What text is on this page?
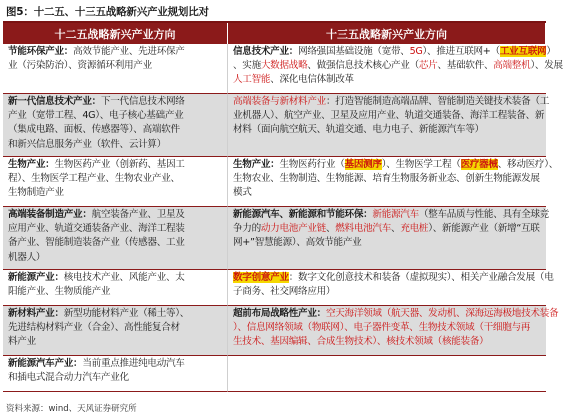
图5：十二五、十三五战略新兴产业规划比对
十二五战略新兴产业方向	十三五战略新兴产业方向
节能环保产业：高效节能产业、先进环保产
业（污染防治）、资源循环利用产业
信息技术产业：网络强国基础设施（宽带、5G）、推进互联网+（工业互联网）
、实施大数据战略、做强信息技术核心产业（芯片、基础软件、高端整机）、发展
人工智能、深化电信体制改革
新一代信息技术产业：下一代信息技术网络
产业（宽带工程、4G）、电子核心基础产业
（集成电路、面板、传感器等）、高端软件
和新兴信息服务产业（软件、云计算）
高端装备与新材料产业：打造智能制造高端品牌、智能制造关键技术装备（工
业机器人）、航空产业、卫星及应用产业、轨道交通装备、海洋工程装备、新
材料（面向航空航天、轨道交通、电力电子、新能源汽车等）
生物产业：生物医药产业（创新药、基因工
程）、生物医学工程产业、生物农业产业、
生物制造产业
生物产业：生物医药行业（基因测序）、生物医学工程（医疗器械、移动医疗）、
生物农业、生物制造、生物能源、培育生物服务新业态、创新生物能源发展
模式
高端装备制造产业：航空装备产业、卫星及
应用产业、轨道交通装备产业、海洋工程装
备产业、智能制造装备产业（传感器、工业
机器人）
新能源汽车、新能源和节能环保：新能源汽车（整车品质与性能、具有全球竞
争力的动力电池产业链、燃料电池汽车、充电桩）、新能源产业（新增“互联
网+”智慧能源）、高效节能产业
新能源产业：核电技术产业、风能产业、太
阳能产业、生物质能产业
数字创意产业：数字文化创意技术和装备（虚拟现实）、相关产业融合发展（电
子商务、社交网络应用）
新材料产业：新型功能材料产业（稀土等）、
先进结构材料产业（合金）、高性能复合材
料产业
超前布局战略性产业：空天海洋领域（航天器、发动机、深海远海极地技术装备
）、信息网络领域（物联网）、电子器件变革、生物技术领域（干细胞与再
生技术、基因编辑、合成生物技术）、核技术领域（核能装备）
新能源汽车产业：当前重点推进纯电动汽车
和插电式混合动力汽车产业化
资料来源：wind、天风证券研究所
